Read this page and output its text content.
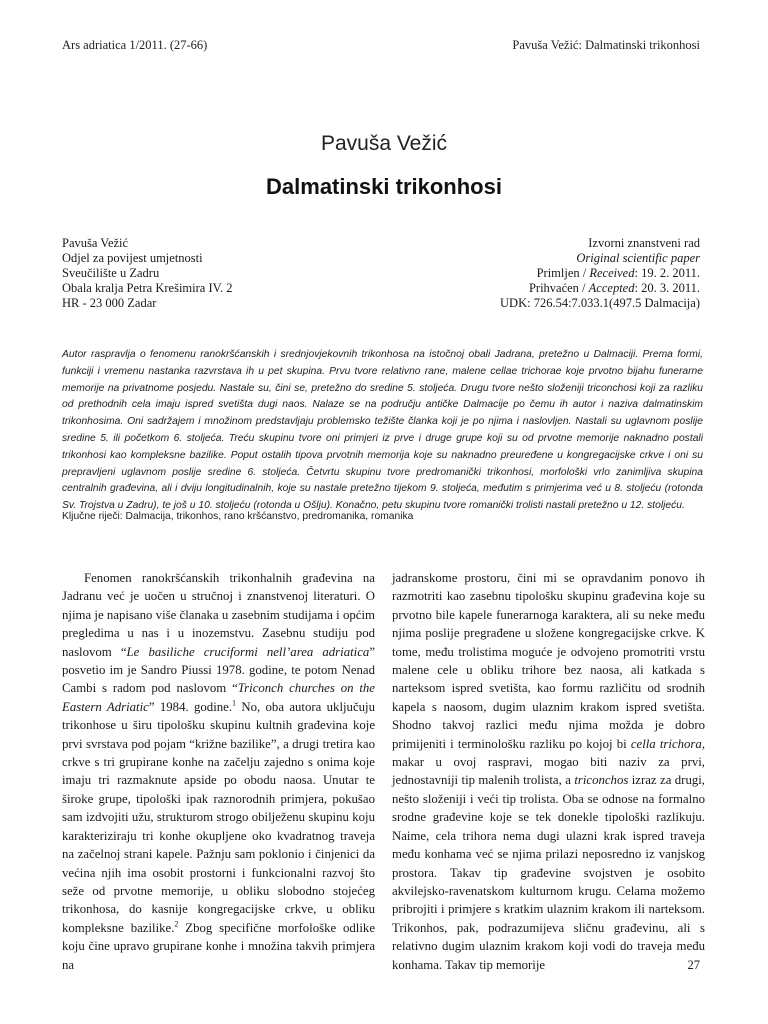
Ars adriatica 1/2011. (27-66)	Pavuša Vežić: Dalmatinski trikonhosi
Pavuša Vežić
Dalmatinski trikonhosi
Pavuša Vežić
Odjel za povijest umjetnosti
Sveučilište u Zadru
Obala kralja Petra Krešimira IV. 2
HR - 23 000 Zadar
Izvorni znanstveni rad
Original scientific paper
Primljen / Received: 19. 2. 2011.
Prihvaćen / Accepted: 20. 3. 2011.
UDK: 726.54:7.033.1(497.5 Dalmacija)
Autor raspravlja o fenomenu ranokršćanskih i srednjovjekovnih trikonhosa na istočnoj obali Jadrana, pretežno u Dalmaciji. Prema formi, funkciji i vremenu nastanka razvrstava ih u pet skupina. Prvu tvore relativno rane, malene cellae trichorae koje prvotno bijahu funerarne memorije na privatnome posjedu. Nastale su, čini se, pretežno do sredine 5. stoljeća. Drugu tvore nešto složeniji triconchosi koji za razliku od prethodnih cela imaju ispred svetišta dugi naos. Nalaze se na području antičke Dalmacije po čemu ih autor i naziva dalmatinskim trikonhosima. Oni sadržajem i množinom predstavljaju problemsko težište članka koji je po njima i naslovljen. Nastali su uglavnom poslije sredine 5. ili početkom 6. stoljeća. Treću skupinu tvore oni primjeri iz prve i druge grupe koji su od prvotne memorije naknadno postali trikonhosi kao kompleksne bazilike. Poput ostalih tipova prvotnih memorija koje su naknadno preuređene u kongregacijske crkve i oni su prepravljeni uglavnom poslije sredine 6. stoljeća. Četvrtu skupinu tvore predromanički trikonhosi, morfološki vrlo zanimljiva skupina centralnih građevina, ali i dviju longitudinalnih, koje su nastale pretežno tijekom 9. stoljeća, međutim s primjerima već u 8. stoljeću (rotonda Sv. Trojstva u Zadru), te još u 10. stoljeću (rotonda u Ošlju). Konačno, petu skupinu tvore romanički trolisti nastali pretežno u 12. stoljeću.
Ključne riječi: Dalmacija, trikonhos, rano kršćanstvo, predromanika, romanika

Fenomen ranokršćanskih trikonhalnih građevina na Jadranu već je uočen u stručnoj i znanstvenoj literaturi. O njima je napisano više članaka u zasebnim studijama i općim pregledima u nas i u inozemstvu. Zasebnu studiju pod naslovom “Le basiliche cruciformi nell’area adriatica” posvetio im je Sandro Piussi 1978. godine, te potom Nenad Cambi s radom pod naslovom “Triconch churches on the Eastern Adriatic” 1984. godine.$^1$ No, oba autora uključuju trikonhose u širu tipološku skupinu kultnih građevina koje prvi svrstava pod pojam “križne bazilike”, a drugi tretira kao crkve s tri grupirane konhe na začelju zajedno s onima koje imaju tri razmaknute apside po obodu naosa. Unutar te široke grupe, tipološki ipak raznorodnih primjera, pokušao sam izdvojiti užu, strukturom strogo obilježenu skupinu koju karakteriziraju tri konhe okupljene oko kvadratnog traveja na začelnoj strani kapele. Pažnju sam poklonio i činjenici da većina njih ima osobit prostorni i funkcionalni razvoj što seže od prvotne memorije, u obliku slobodno stojećeg trikonhosa, do kasnije kongregacijske crkve, u obliku kompleksne bazilike.$^2$ Zbog specifične morfološke odlike koju čine upravo grupirane konhe i množina takvih primjera na

jadranskome prostoru, čini mi se opravdanim ponovo ih razmotriti kao zasebnu tipološku skupinu građevina koje su prvotno bile kapele funerarnoga karaktera, ali su neke među njima poslije pregrađene u složene kongregacijske crkve. K tome, među trolistima moguće je odvojeno promotriti vrstu malene cele u obliku trihore bez naosa, ali katkada s narteksom ispred svetišta, kao formu različitu od srodnih kapela s naosom, dugim ulaznim krakom ispred svetišta. Shodno takvoj razlici među njima možda je dobro primijeniti i terminološku razliku po kojoj bi cella trichora, makar u ovoj raspravi, mogao biti naziv za prvi, jednostavniji tip malenih trolista, a triconchos izraz za drugi, nešto složeniji i veći tip trolista. Oba se odnose na formalno srodne građevine koje se tek donekle tipološki razlikuju. Naime, cela trihora nema dugi ulazni krak ispred traveja među konhama već se njima prilazi neposredno iz vanjskog prostora. Takav tip građevine svojstven je osobito akvilejsko-ravenatskom kulturnom krugu. Celama možemo pribrojiti i primjere s kratkim ulaznim krakom ili narteksom. Trikonhos, pak, podrazumijeva sličnu građevinu, ali s relativno dugim ulaznim krakom koji vodi do traveja među konhama. Takav tip memorije	27
